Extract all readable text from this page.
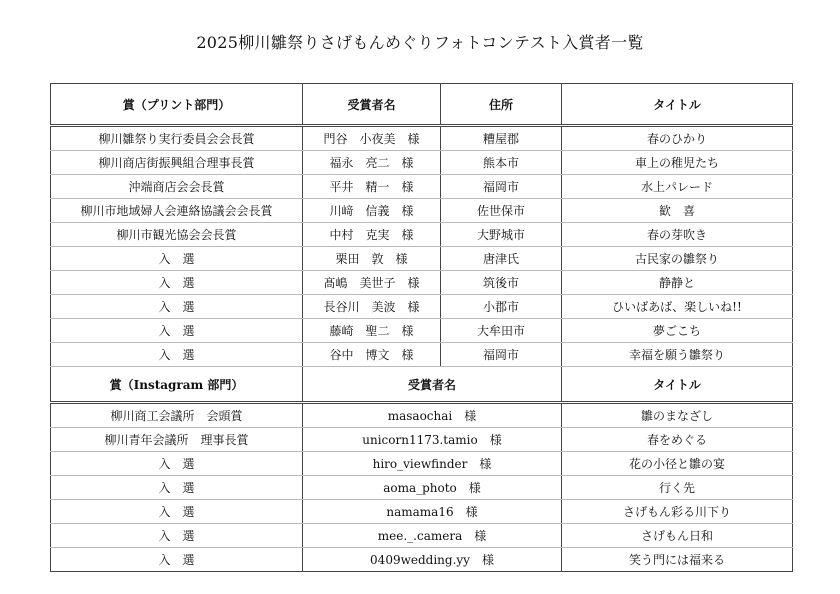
2025柳川雛祭りさげもんめぐりフォトコンテスト入賞者一覧
賞（プリント部門）	受賞者名	住所	タイトル
柳川雛祭り実行委員会会長賞	門谷　小夜美　様	糟屋郡	春のひかり
柳川商店街振興組合理事長賞	福永　亮二　様	熊本市	車上の稚児たち
沖端商店会会長賞	平井　精一　様	福岡市	水上パレード
柳川市地域婦人会連絡協議会会長賞	川﨑　信義　様	佐世保市	歓　喜
柳川市観光協会会長賞	中村　克実　様	大野城市	春の芽吹き
入　選	栗田　敦　様	唐津氏	古民家の雛祭り
入　選	髙嶋　美世子　様	筑後市	静静と
入　選	長谷川　美波　様	小郡市	ひいばあば、楽しいね!!
入　選	藤崎　聖二　様	大牟田市	夢ごこち
入　選	谷中　博文　様	福岡市	幸福を願う雛祭り
賞（Instagram 部門）	受賞者名		タイトル
柳川商工会議所　会頭賞	masaochai　様		雛のまなざし
柳川青年会議所　理事長賞	unicorn1173.tamio　様		春をめぐる
入　選	hiro_viewfinder　様		花の小径と雛の宴
入　選	aoma_photo　様		行く先
入　選	namama16　様		さげもん彩る川下り
入　選	mee._.camera　様		さげもん日和
入　選	0409wedding.yy　様		笑う門には福来る
